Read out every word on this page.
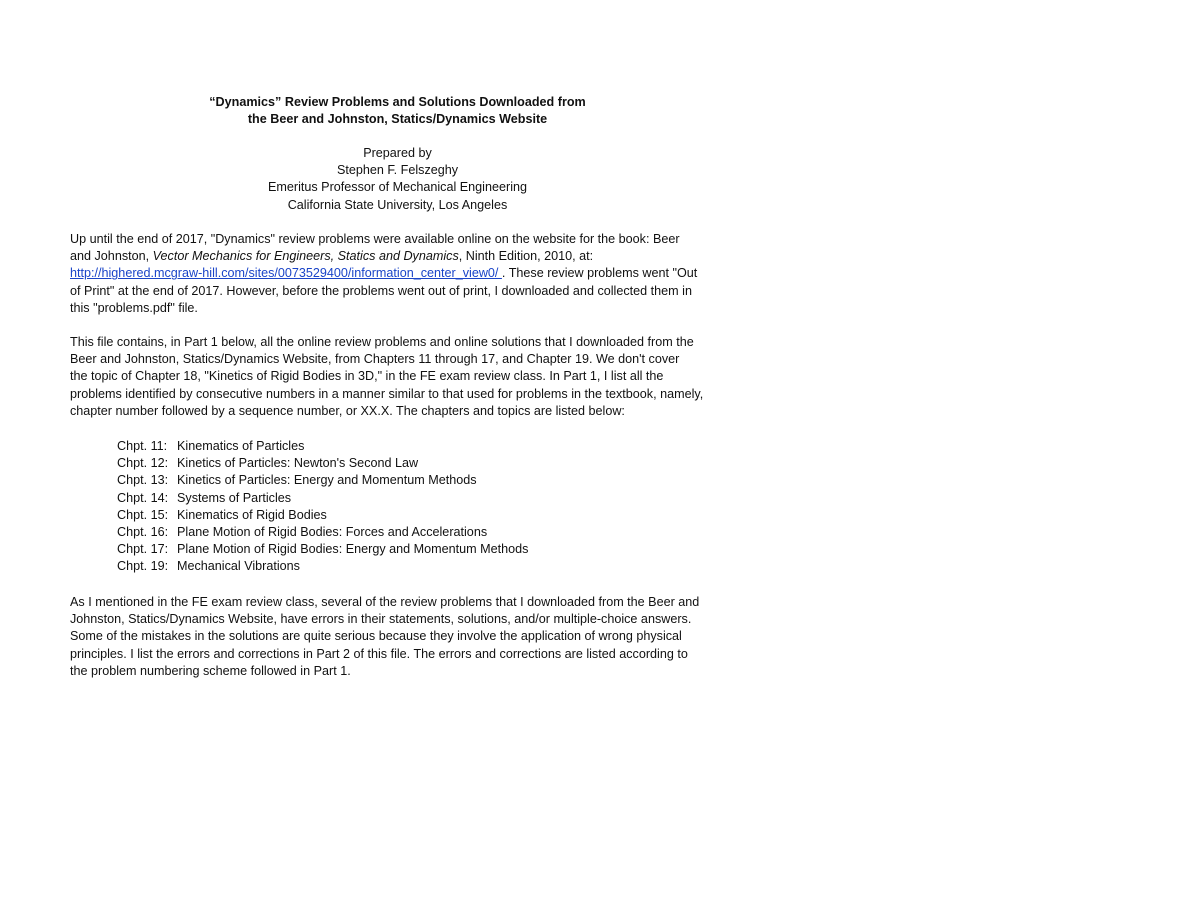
“Dynamics” Review Problems and Solutions Downloaded from
the Beer and Johnston, Statics/Dynamics Website
Prepared by
Stephen F. Felszeghy
Emeritus Professor of Mechanical Engineering
California State University, Los Angeles
Up until the end of 2017, "Dynamics" review problems were available online on the website for the book: Beer
and Johnston, Vector Mechanics for Engineers, Statics and Dynamics, Ninth Edition, 2010, at:
http://highered.mcgraw-hill.com/sites/0073529400/information_center_view0/ . These review problems went "Out
of Print" at the end of 2017. However, before the problems went out of print, I downloaded and collected them in
this "problems.pdf" file.
This file contains, in Part 1 below, all the online review problems and online solutions that I downloaded from the
Beer and Johnston, Statics/Dynamics Website, from Chapters 11 through 17, and Chapter 19. We don't cover
the topic of Chapter 18, "Kinetics of Rigid Bodies in 3D," in the FE exam review class. In Part 1, I list all the
problems identified by consecutive numbers in a manner similar to that used for problems in the textbook, namely,
chapter number followed by a sequence number, or XX.X. The chapters and topics are listed below:
Chpt. 11: Kinematics of Particles
Chpt. 12: Kinetics of Particles: Newton's Second Law
Chpt. 13: Kinetics of Particles: Energy and Momentum Methods
Chpt. 14: Systems of Particles
Chpt. 15: Kinematics of Rigid Bodies
Chpt. 16: Plane Motion of Rigid Bodies: Forces and Accelerations
Chpt. 17: Plane Motion of Rigid Bodies: Energy and Momentum Methods
Chpt. 19: Mechanical Vibrations
As I mentioned in the FE exam review class, several of the review problems that I downloaded from the Beer and
Johnston, Statics/Dynamics Website, have errors in their statements, solutions, and/or multiple-choice answers.
Some of the mistakes in the solutions are quite serious because they involve the application of wrong physical
principles. I list the errors and corrections in Part 2 of this file. The errors and corrections are listed according to
the problem numbering scheme followed in Part 1.
